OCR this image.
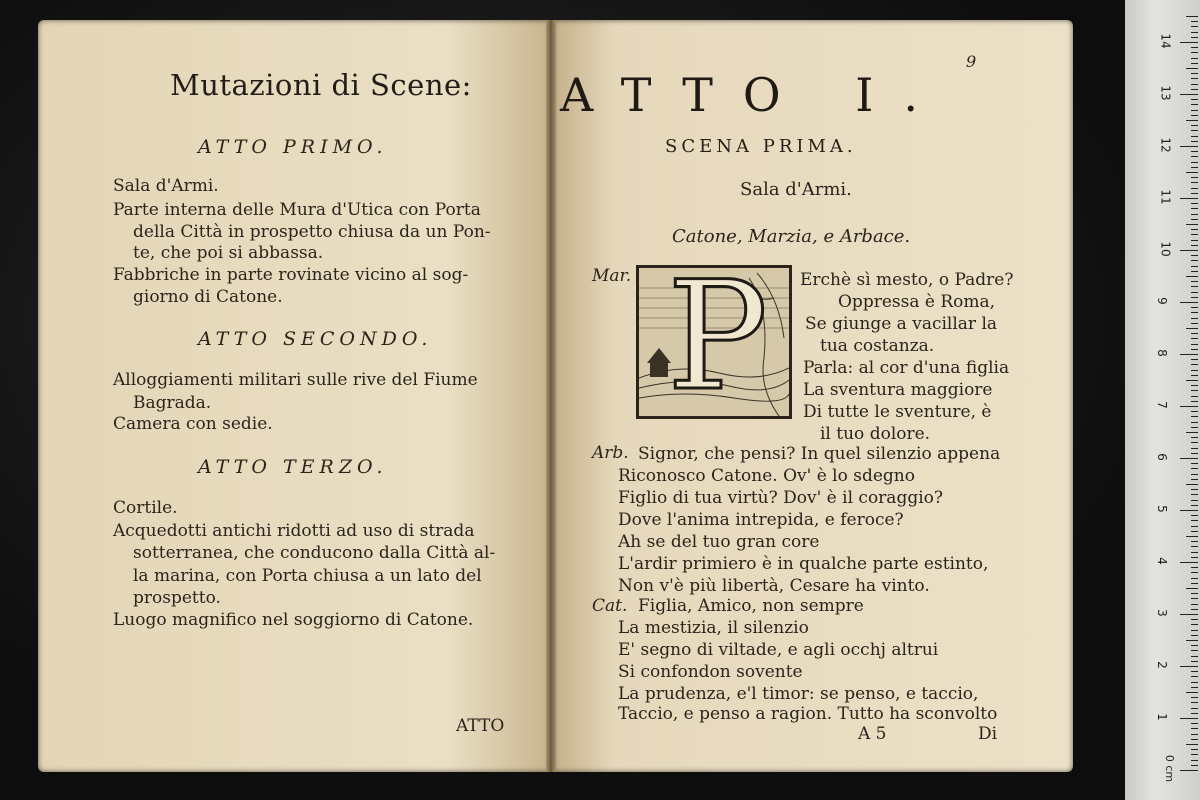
Mutazioni di Scene:
ATTO PRIMO.
Sala d'Armi.
Parte interna delle Mura d'Utica con Porta
della Città in prospetto chiusa da un Pon-
te, che poi si abbassa.
Fabbriche in parte rovinate vicino al sog-
giorno di Catone.
ATTO SECONDO.
Alloggiamenti militari sulle rive del Fiume
Bagrada.
Camera con sedie.
ATTO TERZO.
Cortile.
Acquedotti antichi ridotti ad uso di strada
sotterranea, che conducono dalla Città al-
la marina, con Porta chiusa a un lato del
prospetto.
Luogo magnifico nel soggiorno di Catone.
ATTO
ATTO I.
9
SCENA PRIMA.
Sala d'Armi.
Catone, Marzia, e Arbace.
P
Mar.	Erchè sì mesto, o Padre?
Oppressa è Roma,
Se giunge a vacillar la
tua costanza.
Parla: al cor d'una figlia
La sventura maggiore
Di tutte le sventure, è
il tuo dolore.
Arb. Signor, che pensi? In quel silenzio appena
Riconosco Catone. Ov' è lo sdegno
Figlio di tua virtù? Dov' è il coraggio?
Dove l'anima intrepida, e feroce?
Ah se del tuo gran core
L'ardir primiero è in qualche parte estinto,
Non v'è più libertà, Cesare ha vinto.
Cat. Figlia, Amico, non sempre
La mestizia, il silenzio
E' segno di viltade, e agli occhj altrui
Si confondon sovente
La prudenza, e'l timor: se penso, e taccio,
Taccio, e penso a ragion. Tutto ha sconvolto
A 5	Di
1
2
3
4
5
6
7
8
9
10
11
12
13
14
0 cm
